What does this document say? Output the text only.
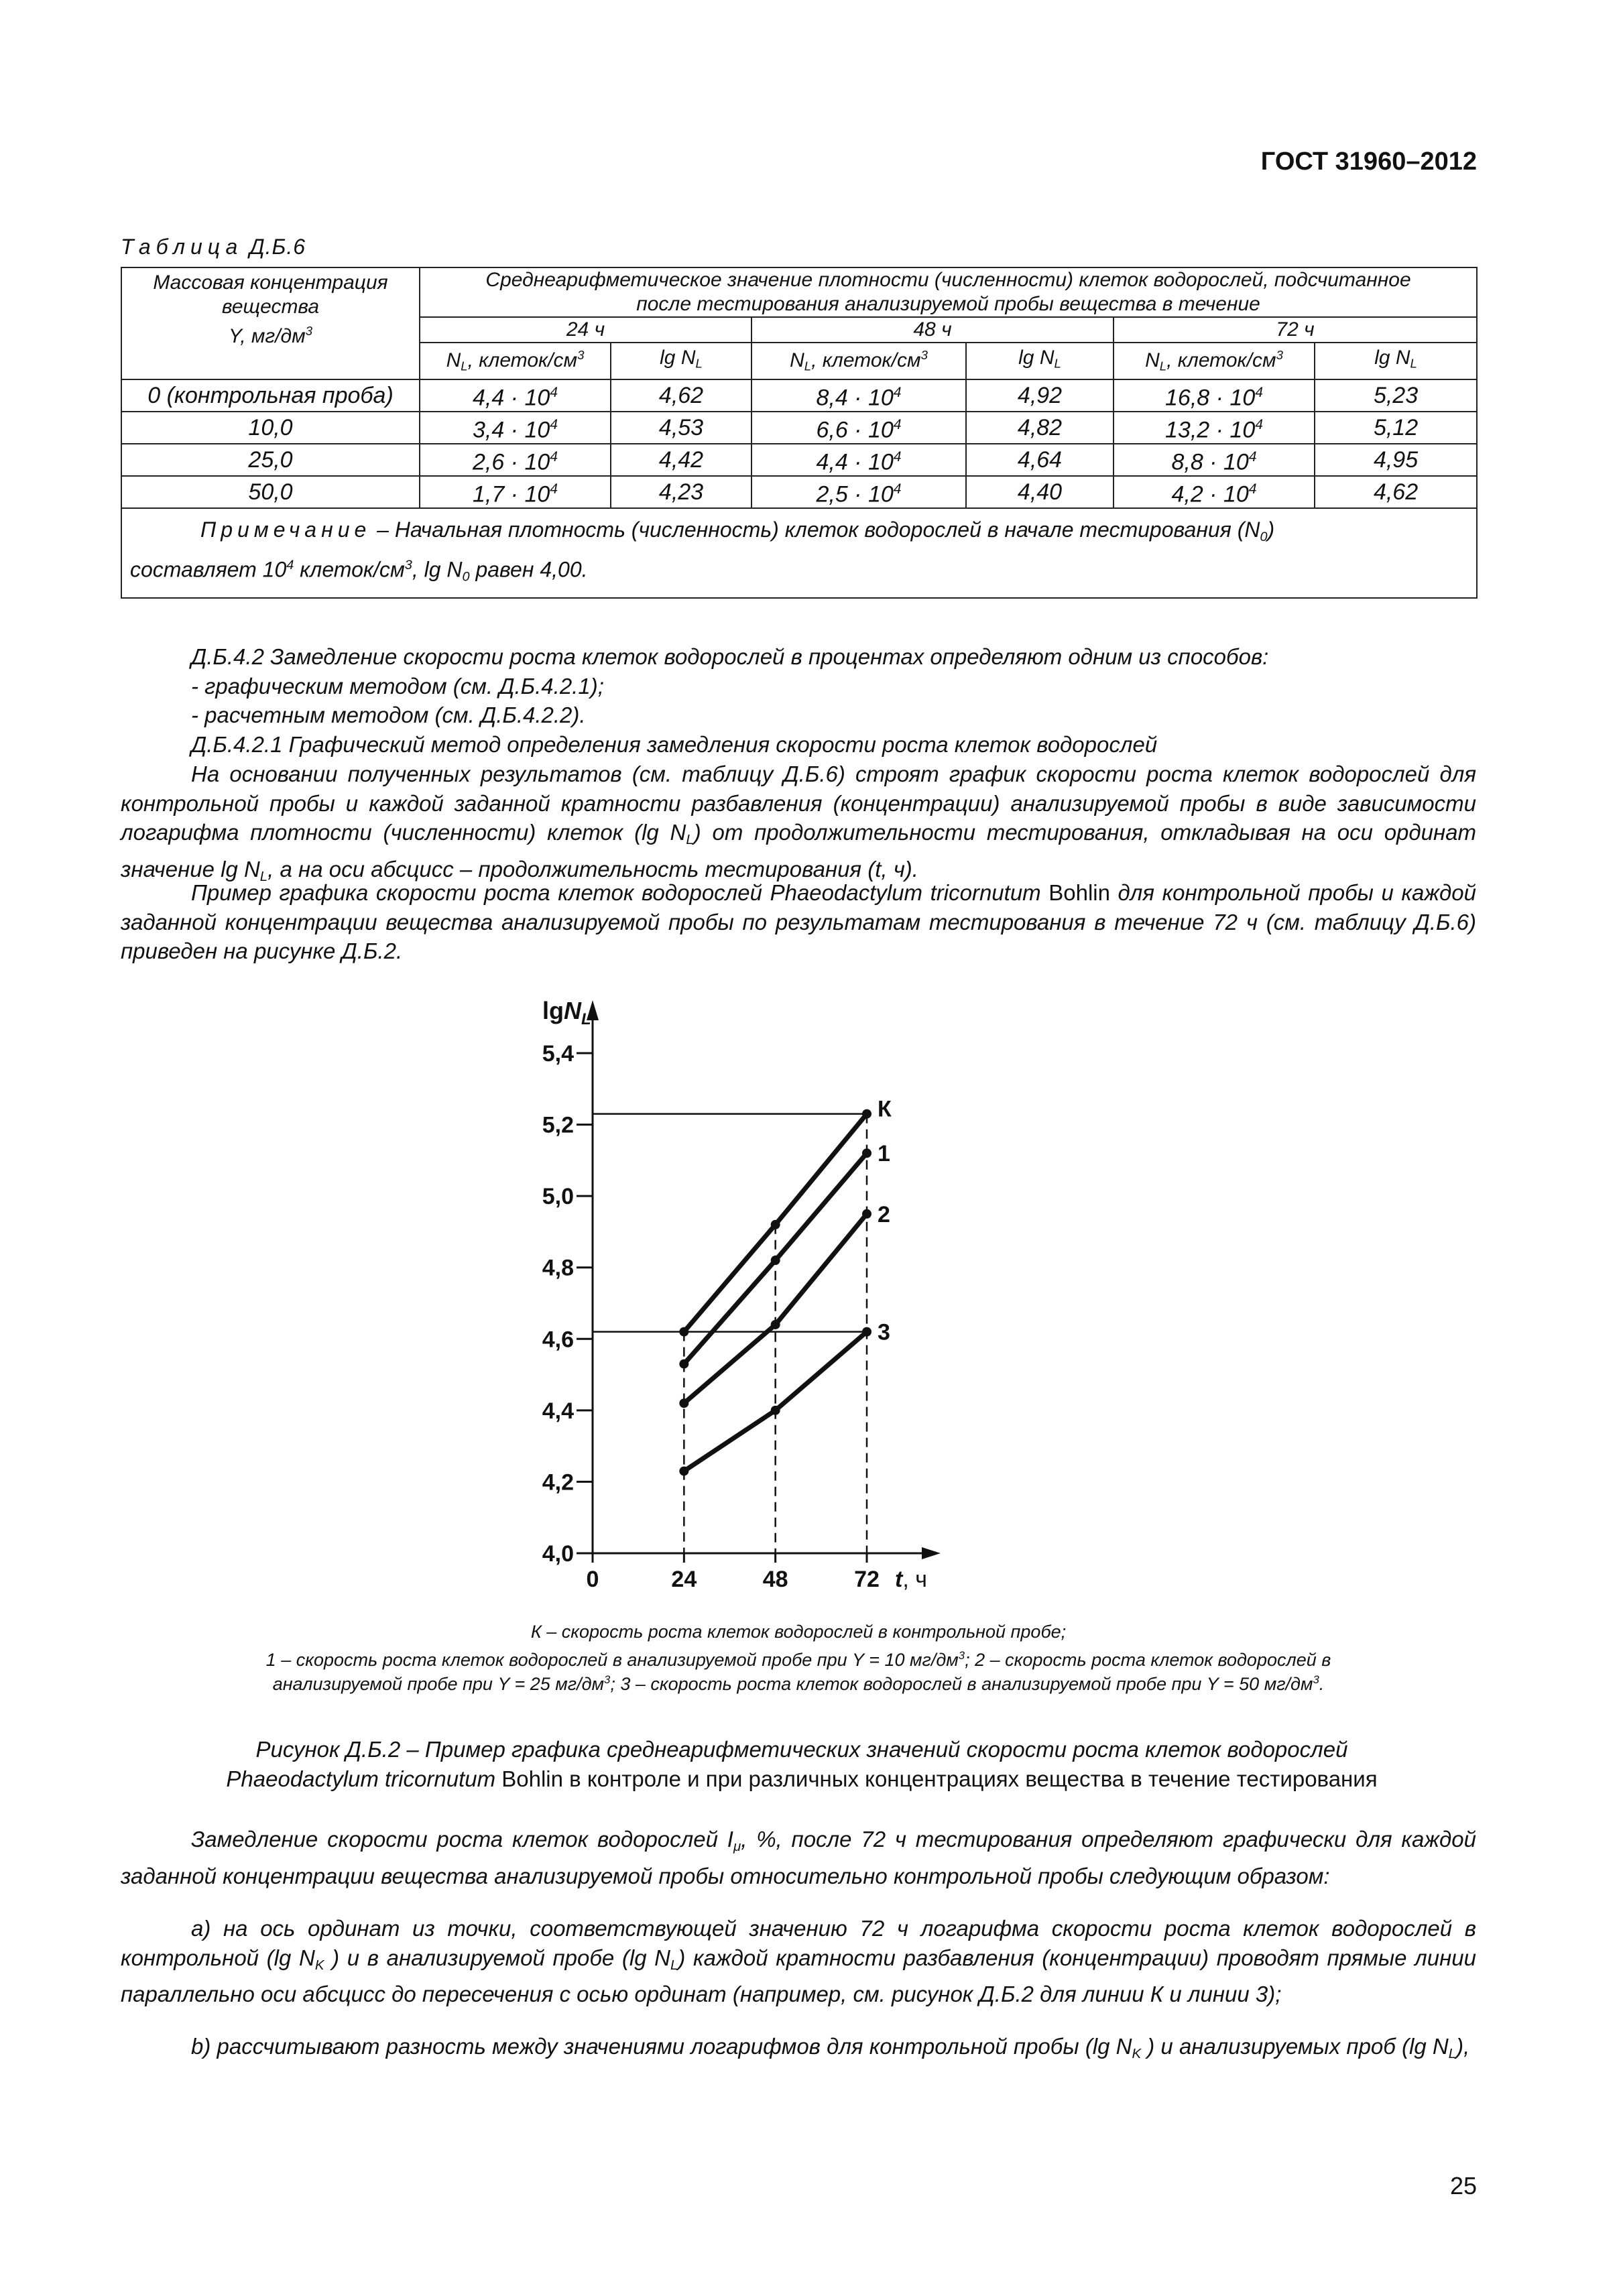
ГОСТ 31960–2012
Таблица Д.Б.6
Массовая концентрация
вещества
Y, $мг/дм^3$	Среднеарифметическое значение плотности (численности) клеток водорослей, подсчитанное
после тестирования анализируемой пробы вещества в течение					
	24 ч		48 ч		72 ч	
	$N_L$, клеток/$см^3$	$\lg N_L$	$N_L$, клеток/$см^3$	$\lg N_L$	$N_L$, клеток/$см^3$	$\lg N_L$
0 (контрольная проба)	$4,4 \cdot 10^4$	4,62	$8,4 \cdot 10^4$	4,92	$16,8 \cdot 10^4$	5,23
10,0	$3,4 \cdot 10^4$	4,53	$6,6 \cdot 10^4$	4,82	$13,2 \cdot 10^4$	5,12
25,0	$2,6 \cdot 10^4$	4,42	$4,4 \cdot 10^4$	4,64	$8,8 \cdot 10^4$	4,95
50,0	$1,7 \cdot 10^4$	4,23	$2,5 \cdot 10^4$	4,40	$4,2 \cdot 10^4$	4,62
Примечание – Начальная плотность (численность) клеток водорослей в начале тестирования $(N_0)$
составляет $10^4$ клеток/$см^3$, $\lg N_0$ равен 4,00.						
Д.Б.4.2 Замедление скорости роста клеток водорослей в процентах определяют одним из способов:
- графическим методом (см. Д.Б.4.2.1);
- расчетным методом (см. Д.Б.4.2.2).
Д.Б.4.2.1 Графический метод определения замедления скорости роста клеток водорослей
На основании полученных результатов (см. таблицу Д.Б.6) строят график скорости роста клеток водорослей для контрольной пробы и каждой заданной кратности разбавления (концентрации) анализируемой пробы в виде зависимости логарифма плотности (численности) клеток (lg $N_L$) от продолжительности тестирования, откладывая на оси ординат значение $\lg N_L$, а на оси абсцисс – продолжительность тестирования (t, ч).
Пример графика скорости роста клеток водорослей Phaeodactylum tricornutum Bohlin для контрольной пробы и каждой заданной концентрации вещества анализируемой пробы по результатам тестирования в течение 72 ч (см. таблицу Д.Б.6) приведен на рисунке Д.Б.2.
4,0
4,2
4,4
4,6
4,8
5,0
5,2
5,4
0	24	48	72
lgN$_L$
t, ч
К
1
2
3
К – скорость роста клеток водорослей в контрольной пробе;
1 – скорость роста клеток водорослей в анализируемой пробе при Y = 10 $мг/дм^3$; 2 – скорость роста клеток водорослей в
анализируемой пробе при Y = 25 $мг/дм^3$; 3 – скорость роста клеток водорослей в анализируемой пробе при Y = 50 $мг/дм^3$.
Рисунок Д.Б.2 – Пример графика среднеарифметических значений скорости роста клеток водорослей
Phaeodactylum tricornutum Bohlin в контроле и при различных концентрациях вещества в течение тестирования
Замедление скорости роста клеток водорослей $I_\mu$, %, после 72 ч тестирования определяют графически для каждой заданной концентрации вещества анализируемой пробы относительно контрольной пробы следующим образом:
a) на ось ординат из точки, соответствующей значению 72 ч логарифма скорости роста клеток водорослей в контрольной (lg $N_K$ ) и в анализируемой пробе (lg $N_L$) каждой кратности разбавления (концентрации) проводят прямые линии параллельно оси абсцисс до пересечения с осью ординат (например, см. рисунок Д.Б.2 для линии К и линии 3);
b) рассчитывают разность между значениями логарифмов для контрольной пробы (lg $N_K$ ) и анализируемых проб (lg $N_L$),
25
